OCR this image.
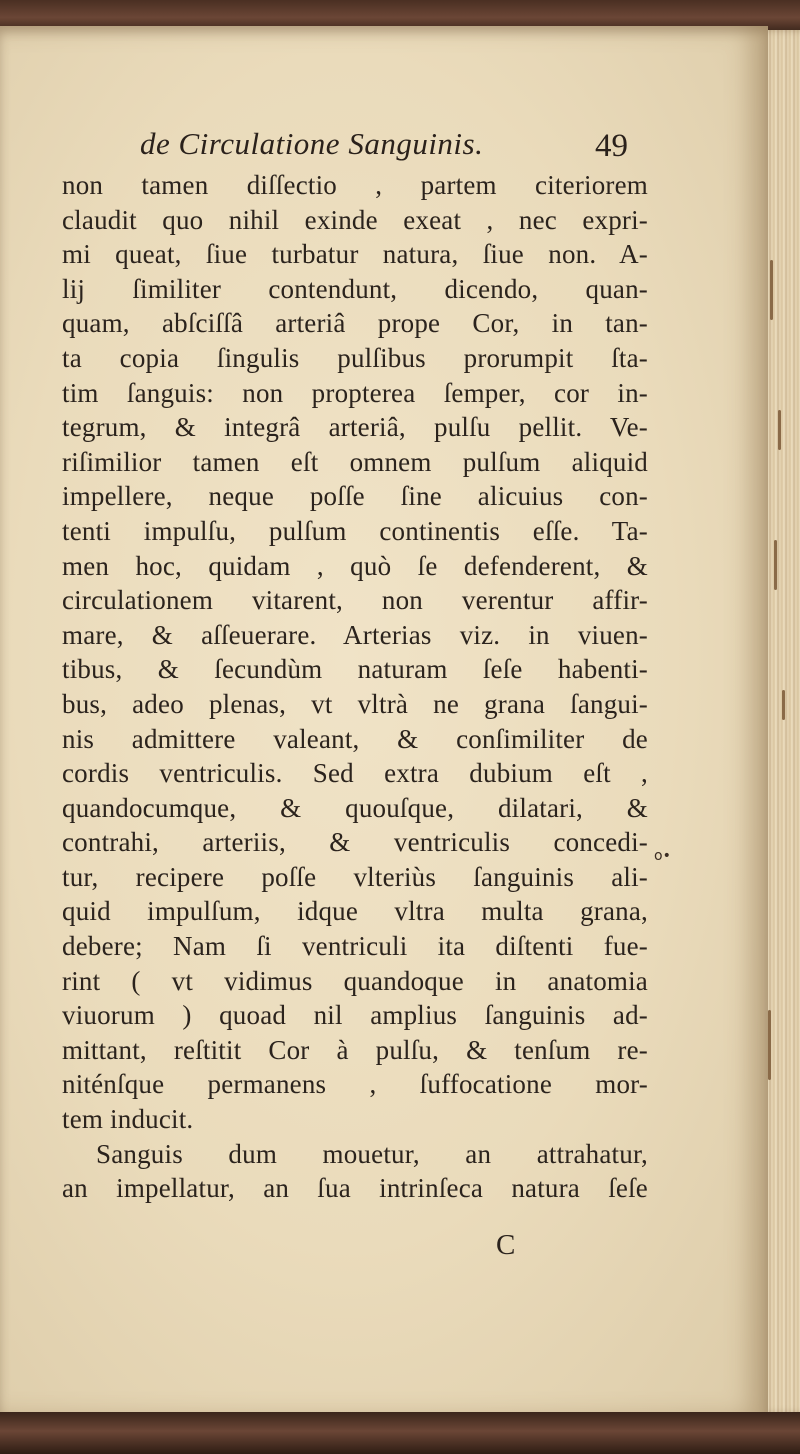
de Circulatione Sanguinis.	49
non tamen diſſectio , partem citeriorem
claudit quo nihil exinde exeat , nec expri-
mi queat, ſiue turbatur natura, ſiue non. A-
lij ſimiliter contendunt, dicendo, quan-
quam, abſciſſâ arteriâ prope Cor, in tan-
ta copia ſingulis pulſibus prorumpit ſta-
tim ſanguis: non propterea ſemper, cor in-
tegrum, & integrâ arteriâ, pulſu pellit. Ve-
riſimilior tamen eſt omnem pulſum aliquid
impellere, neque poſſe ſine alicuius con-
tenti impulſu, pulſum continentis eſſe. Ta-
men hoc, quidam , quò ſe defenderent, &
circulationem vitarent, non verentur affir-
mare, & aſſeuerare. Arterias viz. in viuen-
tibus, & ſecundùm naturam ſeſe habenti-
bus, adeo plenas, vt vltrà ne grana ſangui-
nis admittere valeant, & conſimiliter de
cordis ventriculis. Sed extra dubium eſt ,
quandocumque, & quouſque, dilatari, &
contrahi, arteriis, & ventriculis concedi-
tur, recipere poſſe vlteriùs ſanguinis ali-
quid impulſum, idque vltra multa grana,
debere; Nam ſi ventriculi ita diſtenti fue-
rint ( vt vidimus quandoque in anatomia
viuorum ) quoad nil amplius ſanguinis ad-
mittant, reſtitit Cor à pulſu, & tenſum re-
niténſque permanens , ſuffocatione mor-
tem inducit.
Sanguis dum mouetur, an attrahatur,
an impellatur, an ſua intrinſeca natura ſeſe
C
o•
